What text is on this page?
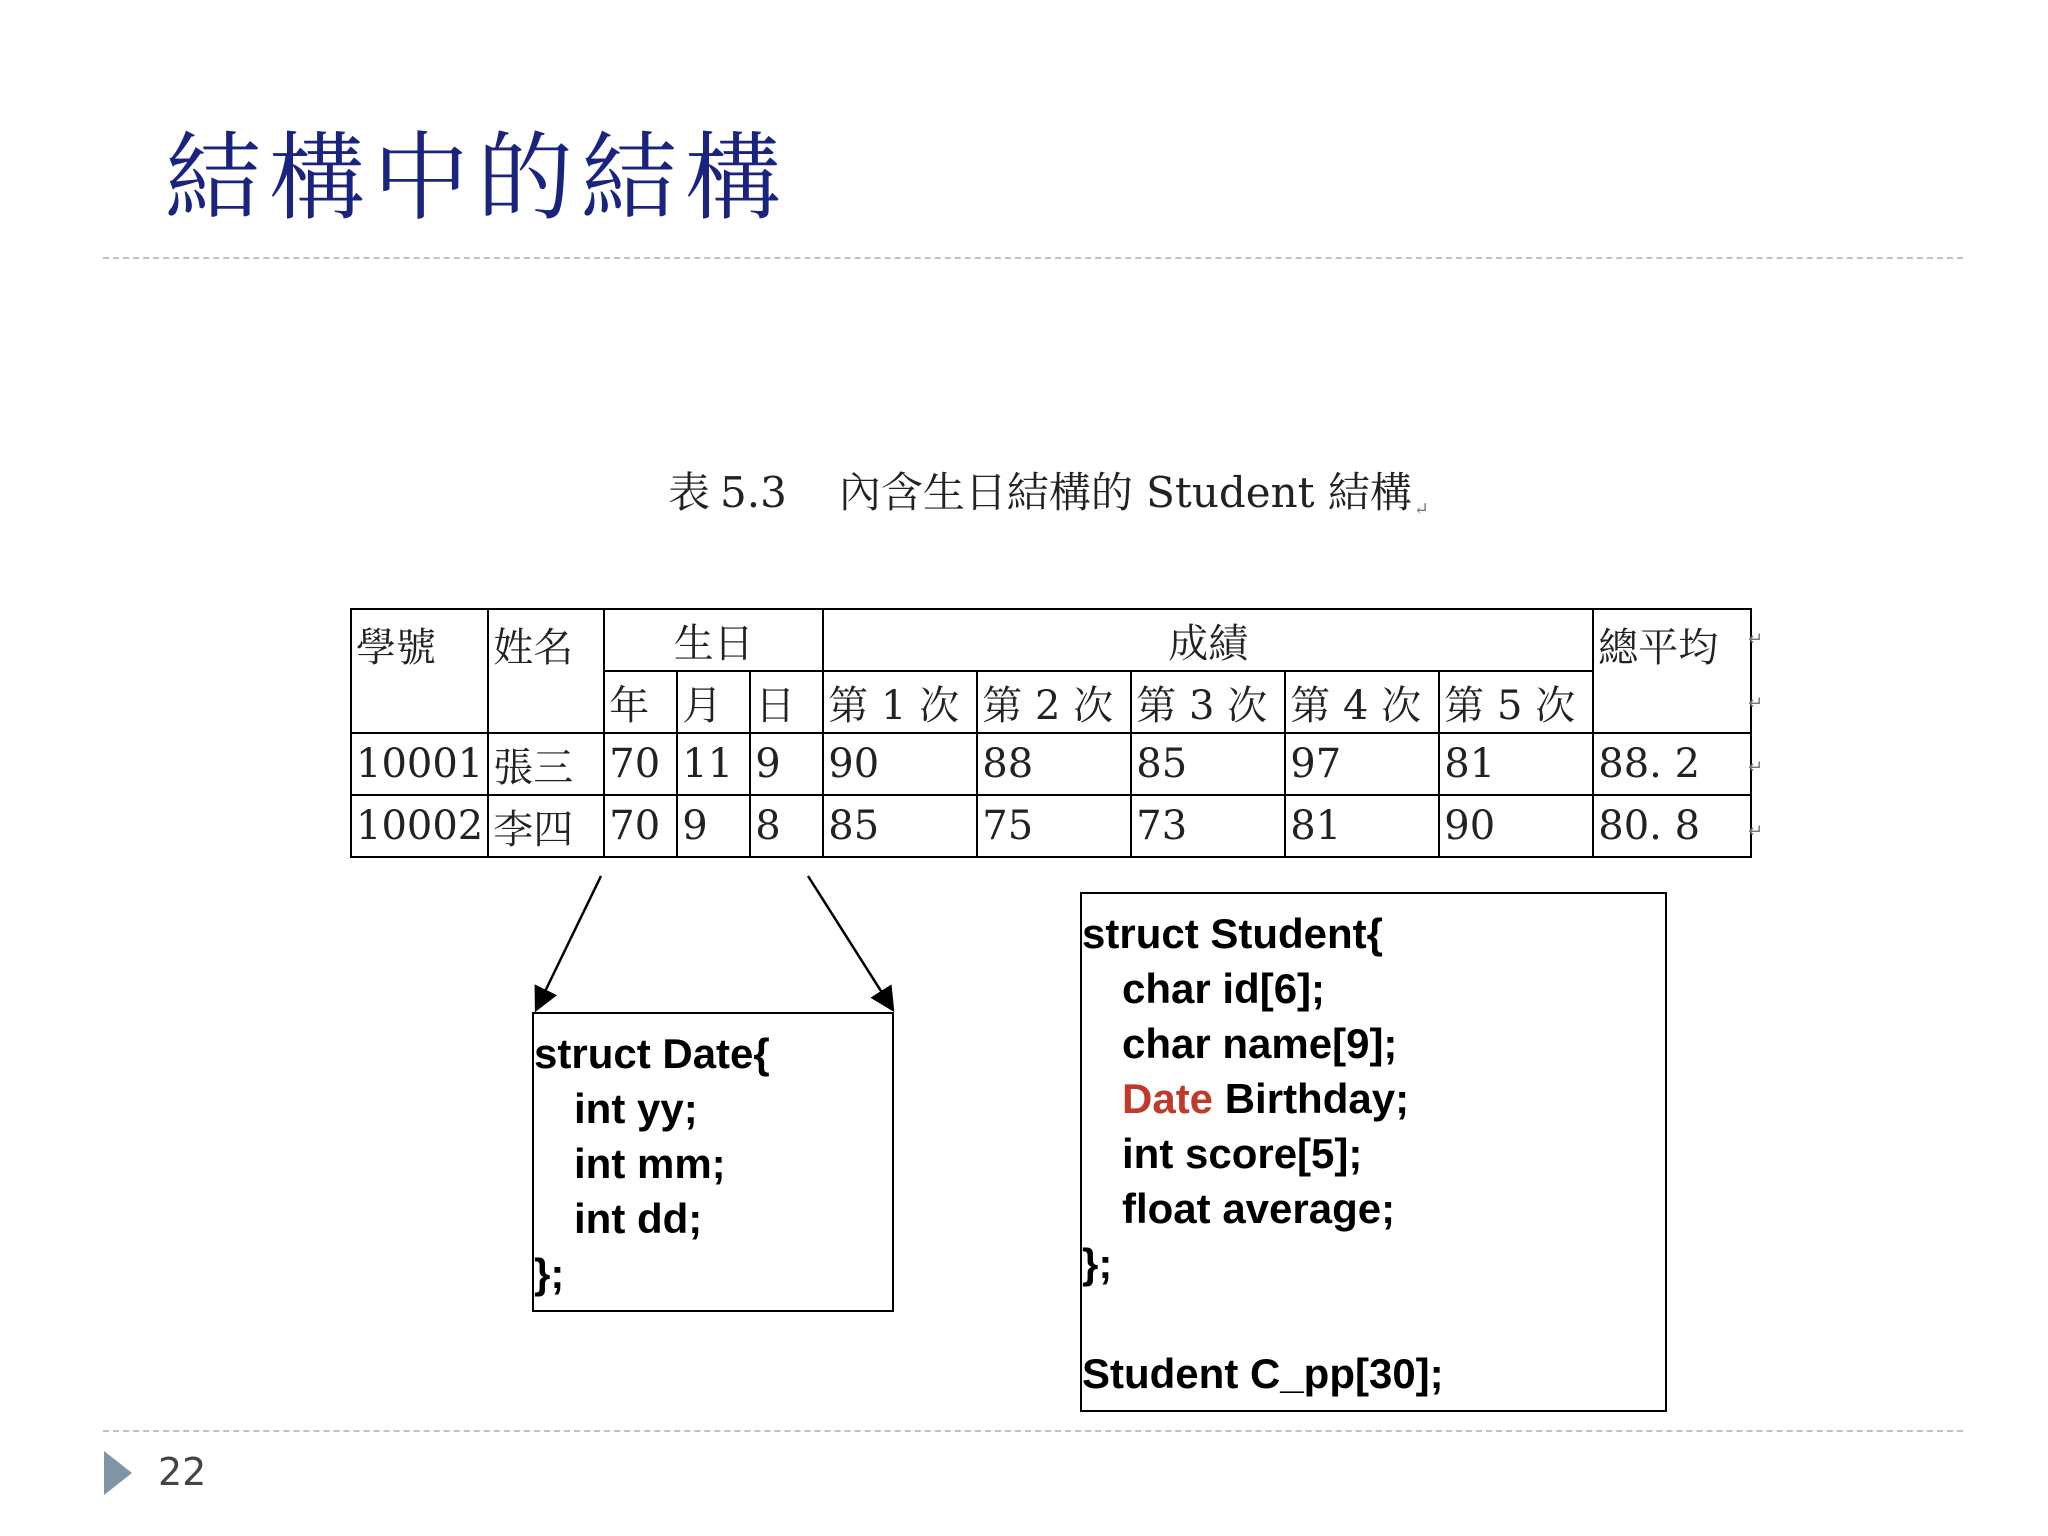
結構中的結構
表 5.3 內含生日結構的 Student 結構 ↵
學號	姓名	生日			成績					總平均
		年	月	日	第 1 次	第 2 次	第 3 次	第 4 次	第 5 次	
10001	張三	70	11	9	90	88	85	97	81	88. 2
10002	李四	70	9	8	85	75	73	81	90	80. 8
↵
↵
↵
↵
struct Date{
int yy;
int mm;
int dd;
};
struct Student{
char id[6];
char name[9];
Date Birthday;
int score[5];
float average;
};
Student C_pp[30];
22
